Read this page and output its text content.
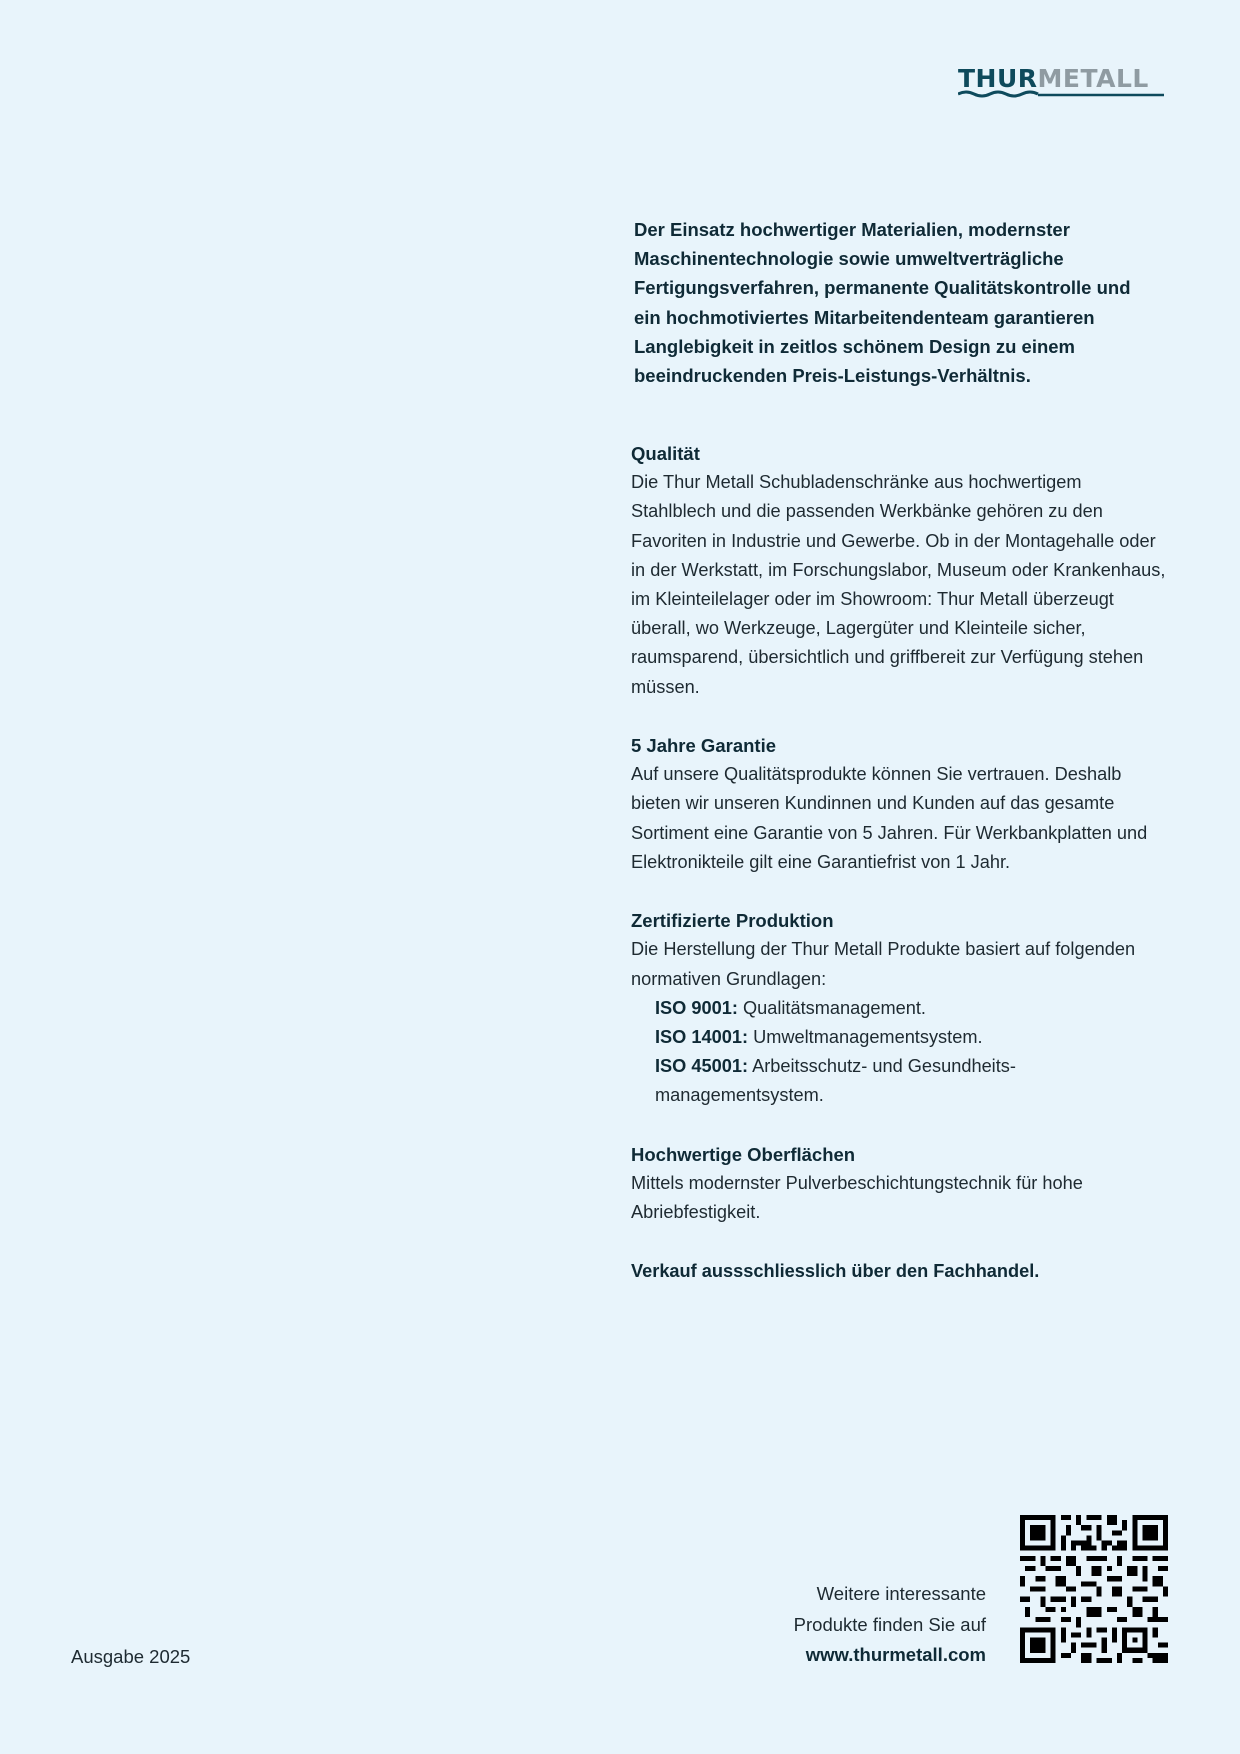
THURMETALL

Der Einsatz hochwertiger Materialien, modernster Maschinentechnologie sowie umweltverträgliche Fertigungsverfahren, permanente Qualitätskontrolle und ein hochmotiviertes Mitarbeitendenteam garantieren Langlebigkeit in zeitlos schönem Design zu einem beeindruckenden Preis-Leistungs-Verhältnis.

Qualität

Die Thur Metall Schubladenschränke aus hochwertigem Stahlblech und die passenden Werkbänke gehören zu den Favoriten in Industrie und Gewerbe. Ob in der Montagehalle oder in der Werkstatt, im Forschungslabor, Museum oder Krankenhaus, im Kleinteilelager oder im Showroom: Thur Metall überzeugt überall, wo Werkzeuge, Lagergüter und Kleinteile sicher, raumsparend, übersichtlich und griffbereit zur Verfügung stehen müssen.

5 Jahre Garantie

Auf unsere Qualitätsprodukte können Sie vertrauen. Deshalb bieten wir unseren Kundinnen und Kunden auf das gesamte Sortiment eine Garantie von 5 Jahren. Für Werkbankplatten und Elektronikteile gilt eine Garantiefrist von 1 Jahr.

Zertifizierte Produktion

Die Herstellung der Thur Metall Produkte basiert auf folgenden normativen Grundlagen:

ISO 9001: Qualitätsmanagement.
ISO 14001: Umweltmanagementsystem.
ISO 45001: Arbeitsschutz- und Gesundheits-managementsystem.
Hochwertige Oberflächen

Mittels modernster Pulverbeschichtungstechnik für hohe Abriebfestigkeit.

Verkauf aussschliesslich über den Fachhandel.

Ausgabe 2025
Weitere interessante
Produkte finden Sie auf
www.thurmetall.com
